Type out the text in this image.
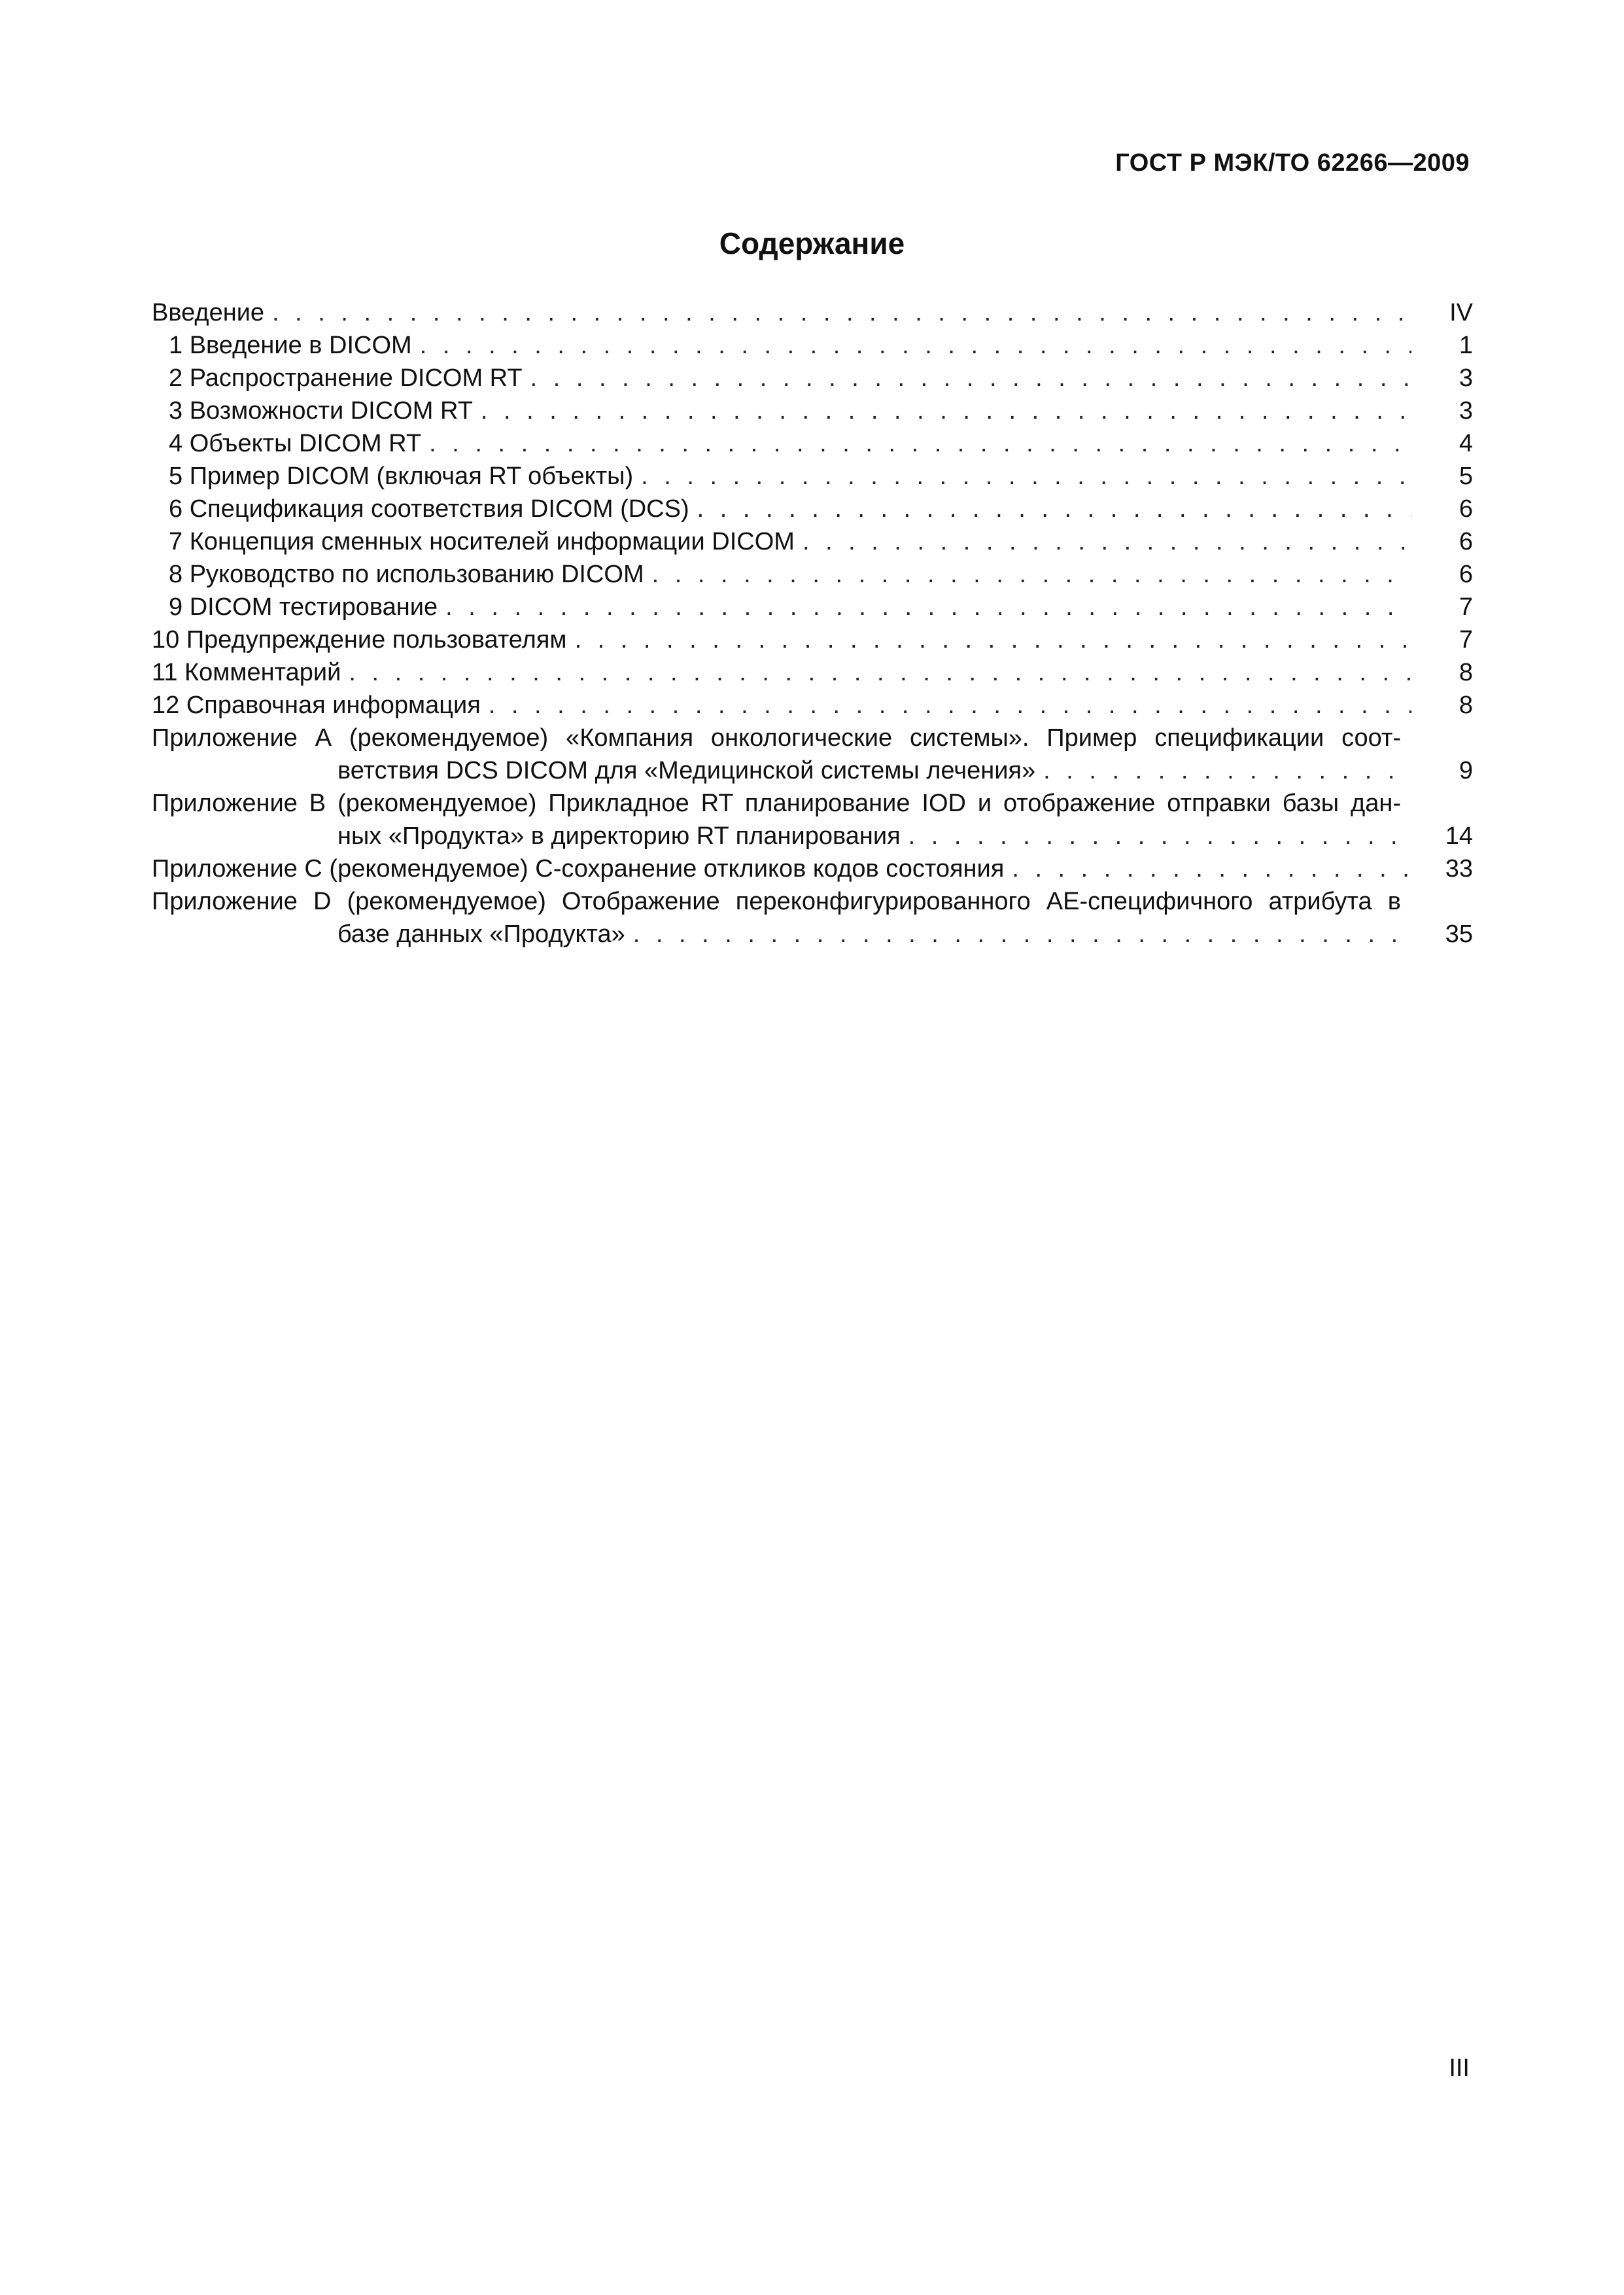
ГОСТ Р МЭК/ТО 62266—2009
Содержание
Введение . . .	IV
1 Введение в DICOM . . .	1
2 Распространение DICOM RT . . .	3
3 Возможности DICOM RT . . .	3
4 Объекты DICOM RT . . .	4
5 Пример DICOM (включая RT объекты) . . .	5
6 Спецификация соответствия DICOM (DCS) . . .	6
7 Концепция сменных носителей информации DICOM . . .	6
8 Руководство по использованию DICOM . . .	6
9 DICOM тестирование . . .	7
10 Предупреждение пользователям . . .	7
11 Комментарий . . .	8
12 Справочная информация . . .	8
Приложение А (рекомендуемое) «Компания онкологические системы». Пример спецификации соот-
ветствия DCS DICOM для «Медицинской системы лечения» . . .	9
Приложение В (рекомендуемое) Прикладное RT планирование IOD и отображение отправки базы дан-
ных «Продукта» в директорию RT планирования . . .	14
Приложение С (рекомендуемое) С-сохранение откликов кодов состояния . . .	33
Приложение D (рекомендуемое) Отображение переконфигурированного АЕ-специфичного атрибута в
базе данных «Продукта» . . .	35
III
